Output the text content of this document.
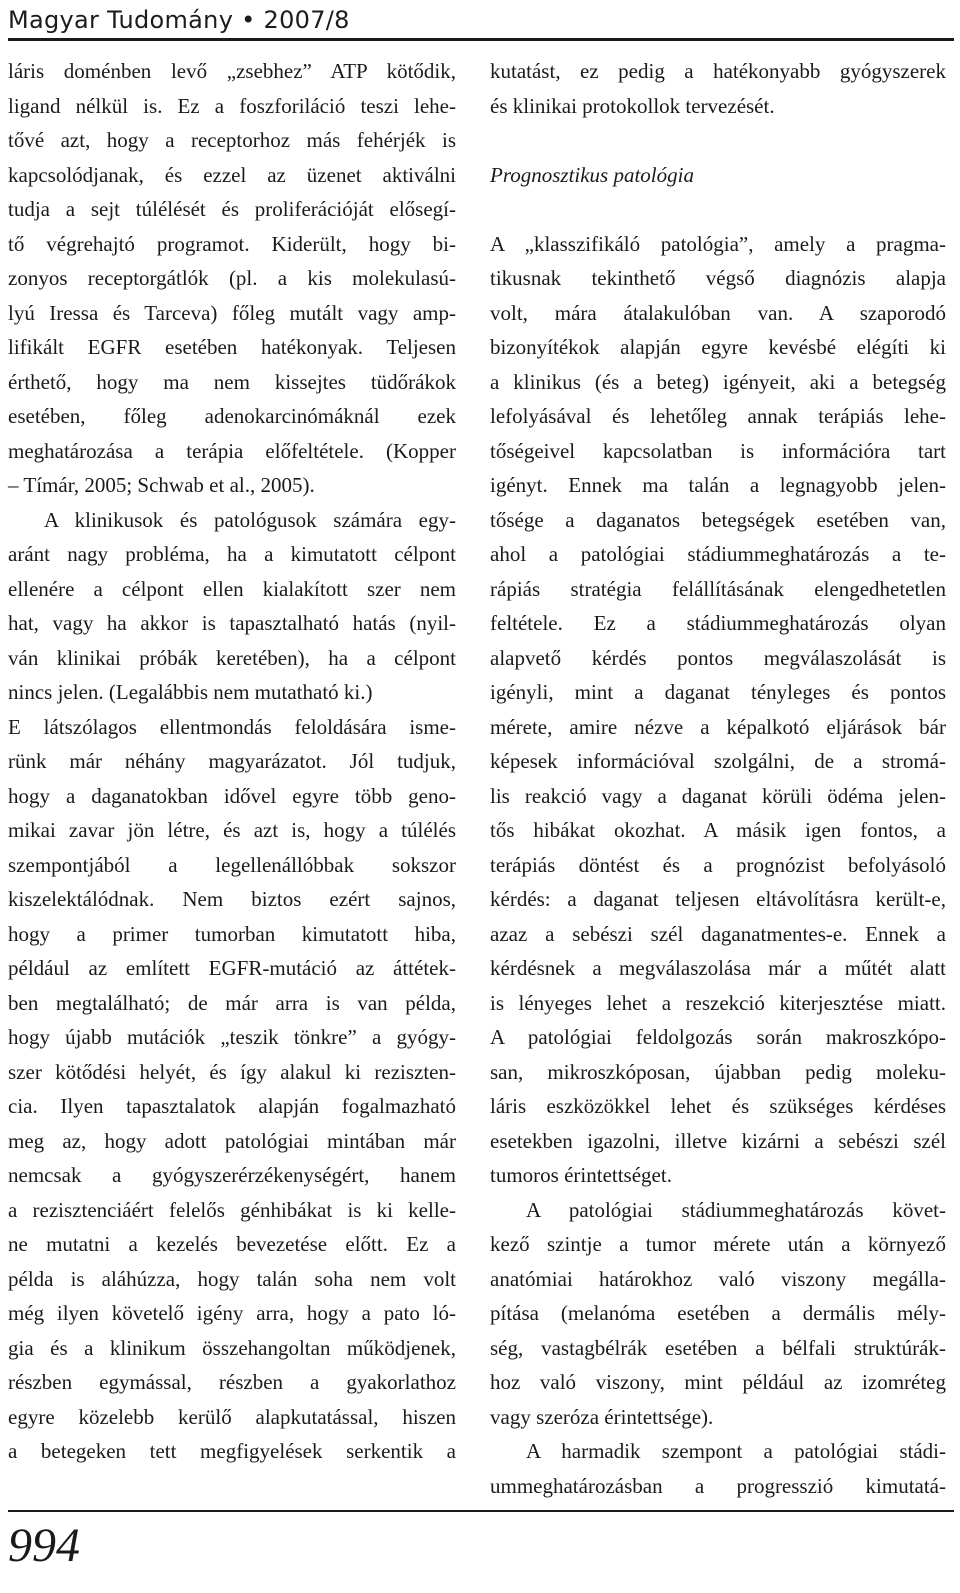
Magyar Tudomány • 2007/8
láris doménben levő „zsebhez” ATP kötődik,
ligand nélkül is. Ez a foszforiláció teszi lehe-
tővé azt, hogy a receptorhoz más fehérjék is
kapcsolódjanak, és ezzel az üzenet aktiválni
tudja a sejt túlélését és proliferációját elősegí-
tő végrehajtó programot. Kiderült, hogy bi-
zonyos receptorgátlók (pl. a kis molekulasú-
lyú Iressa és Tarceva) főleg mutált vagy amp-
lifikált EGFR esetében hatékonyak. Teljesen
érthető, hogy ma nem kissejtes tüdőrákok
esetében, főleg adenokarcinómáknál ezek
meghatározása a terápia előfeltétele. (Kopper
– Tímár, 2005; Schwab et al., 2005).
A klinikusok és patológusok számára egy-
aránt nagy probléma, ha a kimutatott célpont
ellenére a célpont ellen kialakított szer nem
hat, vagy ha akkor is tapasztalható hatás (nyil-
ván klinikai próbák keretében), ha a célpont
nincs jelen. (Legalábbis nem mutatható ki.)
E látszólagos ellentmondás feloldására isme-
rünk már néhány magyarázatot. Jól tudjuk,
hogy a daganatokban idővel egyre több geno-
mikai zavar jön létre, és azt is, hogy a túlélés
szempontjából a legellenállóbbak sokszor
kiszelektálódnak. Nem biztos ezért sajnos,
hogy a primer tumorban kimutatott hiba,
például az említett EGFR-mutáció az áttétek-
ben megtalálható; de már arra is van példa,
hogy újabb mutációk „teszik tönkre” a gyógy-
szer kötődési helyét, és így alakul ki reziszten-
cia. Ilyen tapasztalatok alapján fogalmazható
meg az, hogy adott patológiai mintában már
nemcsak a gyógyszerérzékenységért, hanem
a rezisztenciáért felelős génhibákat is ki kelle-
ne mutatni a kezelés bevezetése előtt. Ez a
példa is aláhúzza, hogy talán soha nem volt
még ilyen követelő igény arra, hogy a pato ló-
gia és a klinikum összehangoltan működjenek,
részben egymással, részben a gyakorlathoz
egyre közelebb kerülő alapkutatással, hiszen
a betegeken tett megfigyelések serkentik a
kutatást, ez pedig a hatékonyabb gyógyszerek
és klinikai protokollok tervezését.
Prognosztikus patológia
A „klasszifikáló patológia”, amely a pragma-
tikusnak tekinthető végső diagnózis alapja
volt, mára átalakulóban van. A szaporodó
bizonyítékok alapján egyre kevésbé elégíti ki
a klinikus (és a beteg) igényeit, aki a betegség
lefolyásával és lehetőleg annak terápiás lehe-
tőségeivel kapcsolatban is információra tart
igényt. Ennek ma talán a legnagyobb jelen-
tősége a daganatos betegségek esetében van,
ahol a patológiai stádiummeghatározás a te-
rápiás stratégia felállításának elengedhetetlen
feltétele. Ez a stádiummeghatározás olyan
alapvető kérdés pontos megválaszolását is
igényli, mint a daganat tényleges és pontos
mérete, amire nézve a képalkotó eljárások bár
képesek információval szolgálni, de a stromá-
lis reakció vagy a daganat körüli ödéma jelen-
tős hibákat okozhat. A másik igen fontos, a
terápiás döntést és a prognózist befolyásoló
kérdés: a daganat teljesen eltávolításra került-e,
azaz a sebészi szél daganatmentes-e. Ennek a
kérdésnek a megválaszolása már a műtét alatt
is lényeges lehet a reszekció kiterjesztése miatt.
A patológiai feldolgozás során makroszkópo-
san, mikroszkóposan, újabban pedig moleku-
láris eszközökkel lehet és szükséges kérdéses
esetekben igazolni, illetve kizárni a sebészi szél
tumoros érintettséget.
A patológiai stádiummeghatározás követ-
kező szintje a tumor mérete után a környező
anatómiai határokhoz való viszony megálla-
pítása (melanóma esetében a dermális mély-
ség, vastagbélrák esetében a bélfali struktúrák-
hoz való viszony, mint például az izomréteg
vagy szeróza érintettsége).
A harmadik szempont a patológiai stádi-
ummeghatározásban a progresszió kimutatá-
994
